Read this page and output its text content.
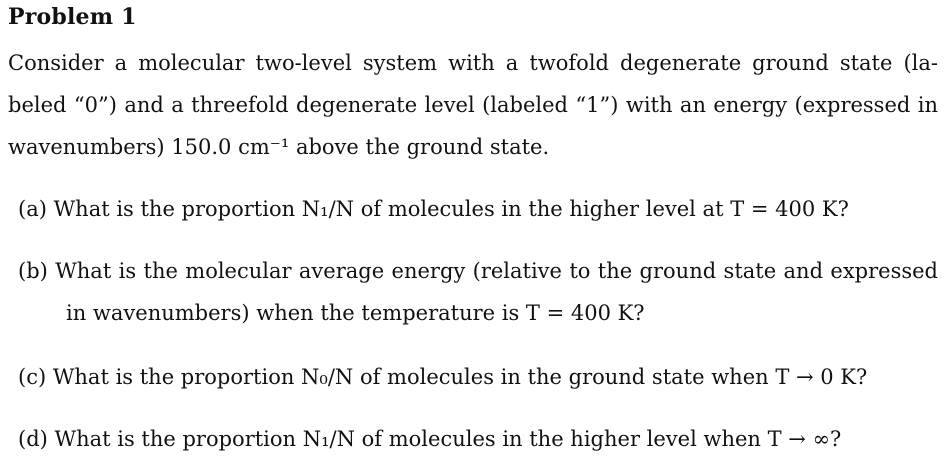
Problem 1
Consider a molecular two-level system with a twofold degenerate ground state (la-
beled “0”) and a threefold degenerate level (labeled “1”) with an energy (expressed in
wavenumbers) 150.0 cm⁻¹ above the ground state.
(a) What is the proportion N₁/N of molecules in the higher level at T = 400 K?
(b) What is the molecular average energy (relative to the ground state and expressed
in wavenumbers) when the temperature is T = 400 K?
(c) What is the proportion N₀/N of molecules in the ground state when T → 0 K?
(d) What is the proportion N₁/N of molecules in the higher level when T → ∞?
